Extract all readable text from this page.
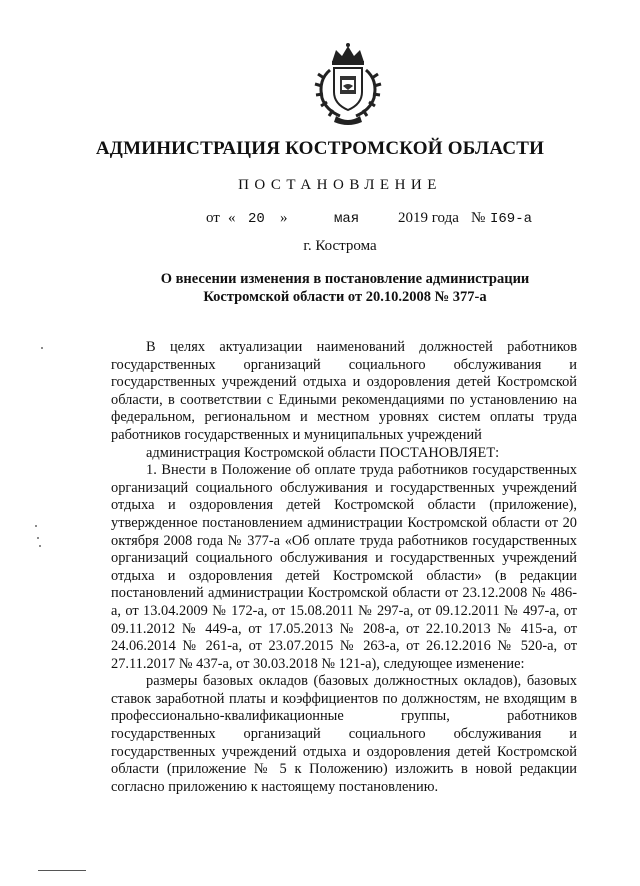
АДМИНИСТРАЦИЯ КОСТРОМСКОЙ ОБЛАСТИ
ПОСТАНОВЛЕНИЕ
от « 20 »	мая	2019 года № I69-а
г. Кострома
О внесении изменения в постановление администрации
Костромской области от 20.10.2008 № 377-а

В целях актуализации наименований должностей работников государственных организаций социального обслуживания и государственных учреждений отдыха и оздоровления детей Костромской области, в соответствии с Едиными рекомендациями по установлению на федеральном, региональном и местном уровнях систем оплаты труда работников государственных и муниципальных учреждений

администрация Костромской области ПОСТАНОВЛЯЕТ:

1. Внести в Положение об оплате труда работников государственных организаций социального обслуживания и государственных учреждений отдыха и оздоровления детей Костромской области (приложение), утвержденное постановлением администрации Костромской области от 20 октября 2008 года № 377-а «Об оплате труда работников государственных организаций социального обслуживания и государственных учреждений отдыха и оздоровления детей Костромской области» (в редакции постановлений администрации Костромской области от 23.12.2008 № 486-а, от 13.04.2009 № 172-а, от 15.08.2011 № 297-а, от 09.12.2011 № 497-а, от 09.11.2012 № 449-а, от 17.05.2013 № 208-а, от 22.10.2013 № 415-а, от 24.06.2014 № 261-а, от 23.07.2015 № 263-а, от 26.12.2016 № 520-а, от 27.11.2017 № 437-а, от 30.03.2018 № 121-а), следующее изменение:

размеры базовых окладов (базовых должностных окладов), базовых ставок заработной платы и коэффициентов по должностям, не входящим в профессионально-квалификационные группы, работников государственных организаций социального обслуживания и государственных учреждений отдыха и оздоровления детей Костромской области (приложение № 5 к Положению) изложить в новой редакции согласно приложению к настоящему постановлению.
